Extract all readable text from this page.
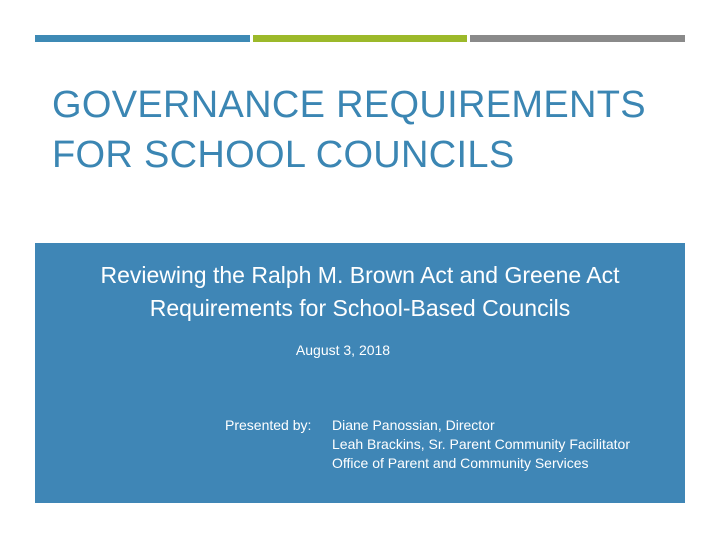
GOVERNANCE REQUIREMENTS
FOR SCHOOL COUNCILS
Reviewing the Ralph M. Brown Act and Greene Act
Requirements for School-Based Councils
August 3, 2018
Presented by: Diane Panossian, Director
Leah Brackins, Sr. Parent Community Facilitator
Office of Parent and Community Services
